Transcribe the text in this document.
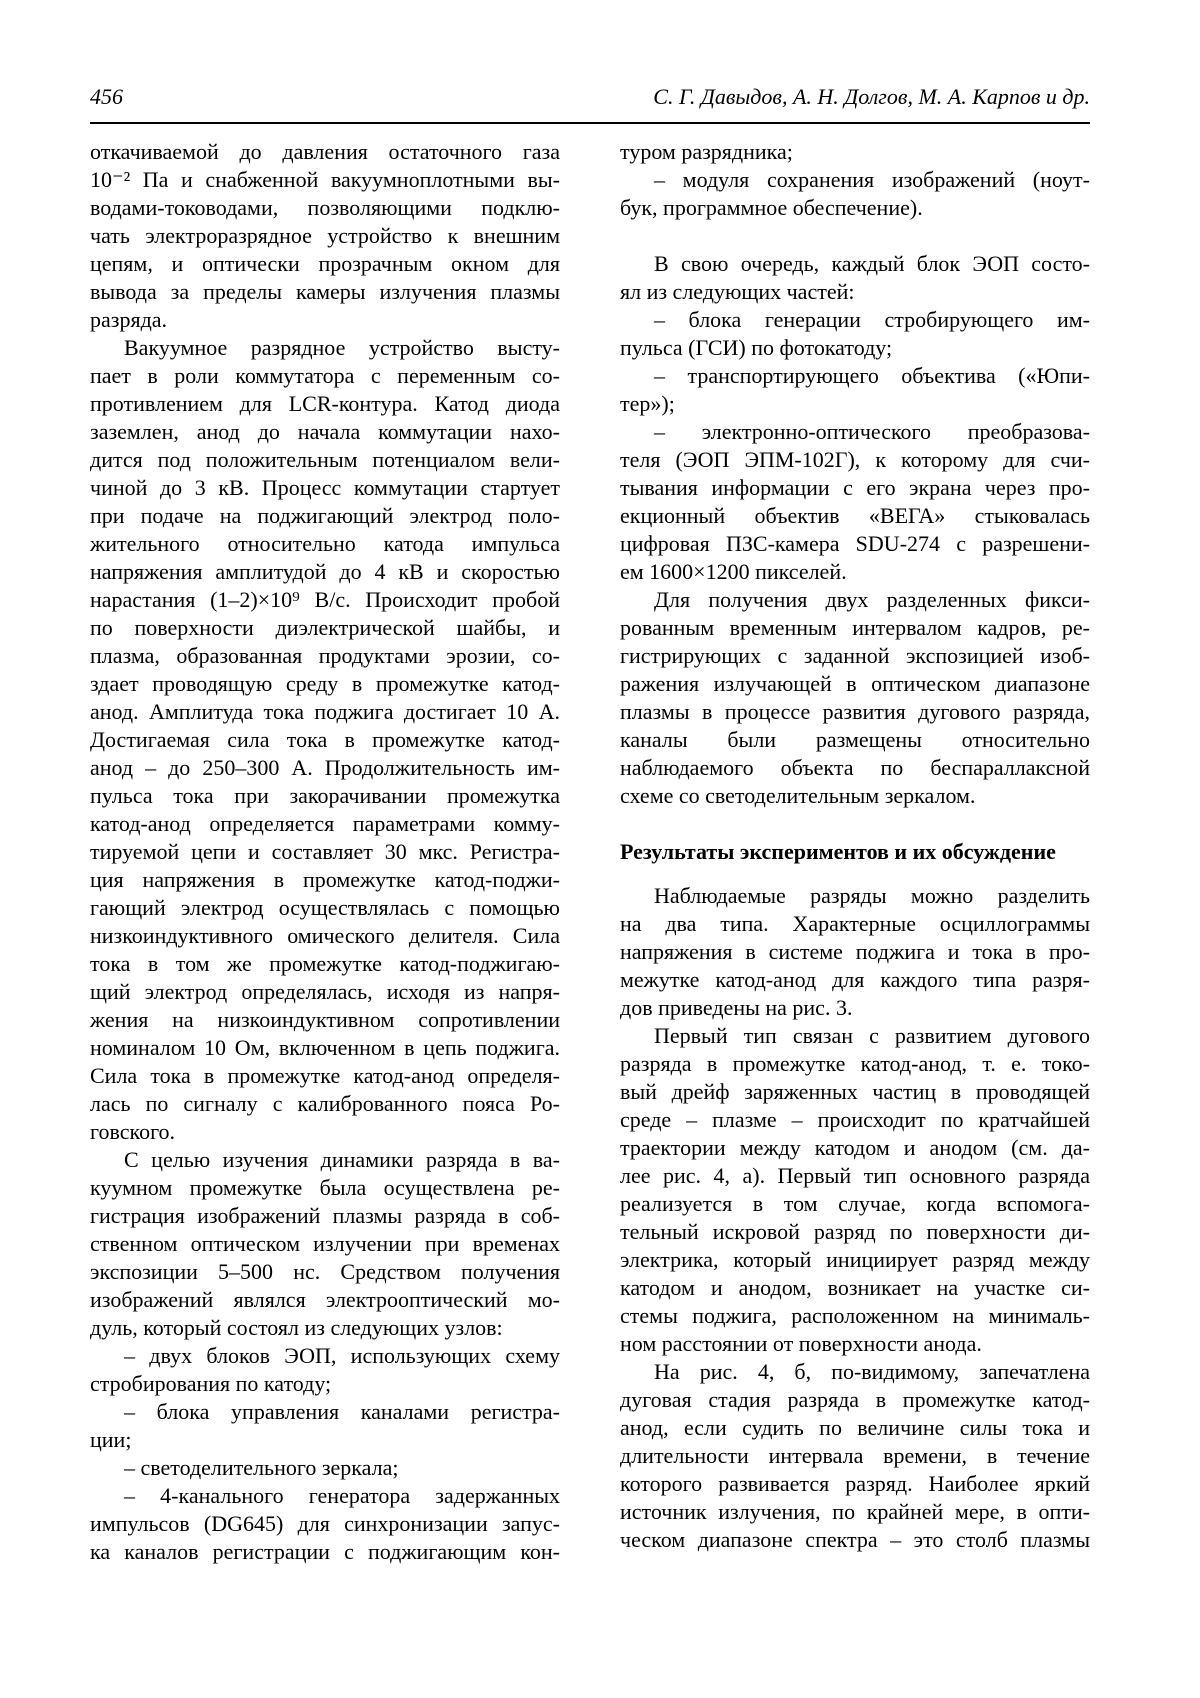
456	С. Г. Давыдов, А. Н. Долгов, М. А. Карпов и др.
откачиваемой до давления остаточного газа
10⁻² Па и снабженной вакуумноплотными вы-
водами-тоководами, позволяющими подклю-
чать электроразрядное устройство к внешним
цепям, и оптически прозрачным окном для
вывода за пределы камеры излучения плазмы
разряда.
Вакуумное разрядное устройство высту-
пает в роли коммутатора с переменным со-
противлением для LCR-контура. Катод диода
заземлен, анод до начала коммутации нахо-
дится под положительным потенциалом вели-
чиной до 3 кВ. Процесс коммутации стартует
при подаче на поджигающий электрод поло-
жительного относительно катода импульса
напряжения амплитудой до 4 кВ и скоростью
нарастания (1–2)×10⁹ В/с. Происходит пробой
по поверхности диэлектрической шайбы, и
плазма, образованная продуктами эрозии, со-
здает проводящую среду в промежутке катод-
анод. Амплитуда тока поджига достигает 10 А.
Достигаемая сила тока в промежутке катод-
анод – до 250–300 А. Продолжительность им-
пульса тока при закорачивании промежутка
катод-анод определяется параметрами комму-
тируемой цепи и составляет 30 мкс. Регистра-
ция напряжения в промежутке катод-поджи-
гающий электрод осуществлялась с помощью
низкоиндуктивного омического делителя. Сила
тока в том же промежутке катод-поджигаю-
щий электрод определялась, исходя из напря-
жения на низкоиндуктивном сопротивлении
номиналом 10 Ом, включенном в цепь поджига.
Сила тока в промежутке катод-анод определя-
лась по сигналу с калиброванного пояса Ро-
говского.
С целью изучения динамики разряда в ва-
куумном промежутке была осуществлена ре-
гистрация изображений плазмы разряда в соб-
ственном оптическом излучении при временах
экспозиции 5–500 нс. Средством получения
изображений являлся электрооптический мо-
дуль, который состоял из следующих узлов:
– двух блоков ЭОП, использующих схему
стробирования по катоду;
– блока управления каналами регистра-
ции;
– светоделительного зеркала;
– 4-канального генератора задержанных
импульсов (DG645) для синхронизации запус-
ка каналов регистрации с поджигающим кон-
туром разрядника;
– модуля сохранения изображений (ноут-
бук, программное обеспечение).
В свою очередь, каждый блок ЭОП состо-
ял из следующих частей:
– блока генерации стробирующего им-
пульса (ГСИ) по фотокатоду;
– транспортирующего объектива («Юпи-
тер»);
– электронно-оптического преобразова-
теля (ЭОП ЭПМ-102Г), к которому для счи-
тывания информации с его экрана через про-
екционный объектив «ВЕГА» стыковалась
цифровая ПЗС-камера SDU-274 с разрешени-
ем 1600×1200 пикселей.
Для получения двух разделенных фикси-
рованным временным интервалом кадров, ре-
гистрирующих с заданной экспозицией изоб-
ражения излучающей в оптическом диапазоне
плазмы в процессе развития дугового разряда,
каналы были размещены относительно
наблюдаемого объекта по беспараллаксной
схеме со светоделительным зеркалом.
Результаты экспериментов и их обсуждение
Наблюдаемые разряды можно разделить
на два типа. Характерные осциллограммы
напряжения в системе поджига и тока в про-
межутке катод-анод для каждого типа разря-
дов приведены на рис. 3.
Первый тип связан с развитием дугового
разряда в промежутке катод-анод, т. е. токо-
вый дрейф заряженных частиц в проводящей
среде – плазме – происходит по кратчайшей
траектории между катодом и анодом (см. да-
лее рис. 4, а). Первый тип основного разряда
реализуется в том случае, когда вспомога-
тельный искровой разряд по поверхности ди-
электрика, который инициирует разряд между
катодом и анодом, возникает на участке си-
стемы поджига, расположенном на минималь-
ном расстоянии от поверхности анода.
На рис. 4, б, по-видимому, запечатлена
дуговая стадия разряда в промежутке катод-
анод, если судить по величине силы тока и
длительности интервала времени, в течение
которого развивается разряд. Наиболее яркий
источник излучения, по крайней мере, в опти-
ческом диапазоне спектра – это столб плазмы
